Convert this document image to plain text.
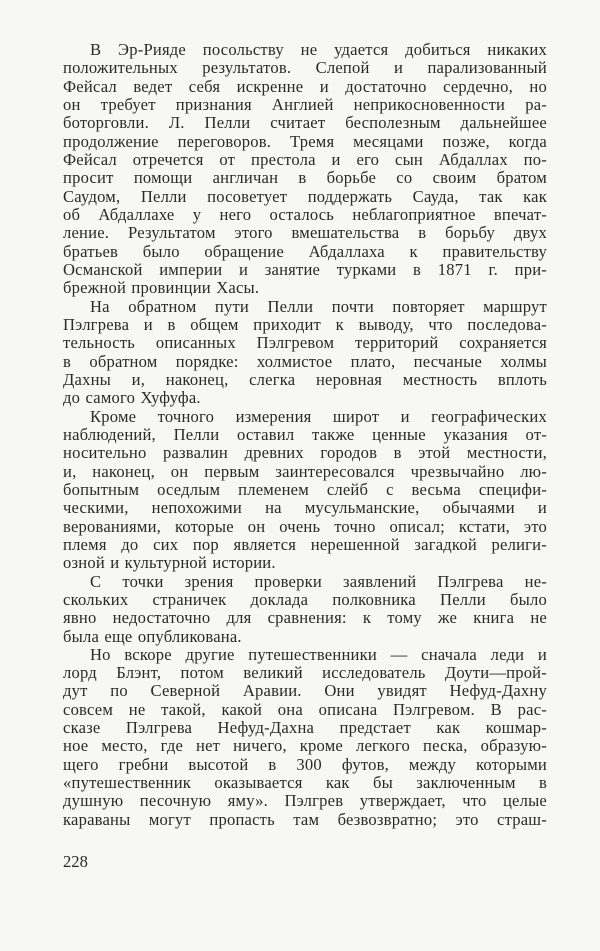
В Эр-Рияде посольству не удается добиться никаких
положительных результатов. Слепой и парализованный
Фейсал ведет себя искренне и достаточно сердечно, но
он требует признания Англией неприкосновенности ра-
боторговли. Л. Пелли считает бесполезным дальнейшее
продолжение переговоров. Тремя месяцами позже, когда
Фейсал отречется от престола и его сын Абдаллах по-
просит помощи англичан в борьбе со своим братом
Саудом, Пелли посоветует поддержать Сауда, так как
об Абдаллахе у него осталось неблагоприятное впечат-
ление. Результатом этого вмешательства в борьбу двух
братьев было обращение Абдаллаха к правительству
Османской империи и занятие турками в 1871 г. при-
брежной провинции Хасы.
На обратном пути Пелли почти повторяет маршрут
Пэлгрева и в общем приходит к выводу, что последова-
тельность описанных Пэлгревом территорий сохраняется
в обратном порядке: холмистое плато, песчаные холмы
Дахны и, наконец, слегка неровная местность вплоть
до самого Хуфуфа.
Кроме точного измерения широт и географических
наблюдений, Пелли оставил также ценные указания от-
носительно развалин древних городов в этой местности,
и, наконец, он первым заинтересовался чрезвычайно лю-
бопытным оседлым племенем слейб с весьма специфи-
ческими, непохожими на мусульманские, обычаями и
верованиями, которые он очень точно описал; кстати, это
племя до сих пор является нерешенной загадкой религи-
озной и культурной истории.
С точки зрения проверки заявлений Пэлгрева не-
скольких страничек доклада полковника Пелли было
явно недостаточно для сравнения: к тому же книга не
была еще опубликована.
Но вскоре другие путешественники — сначала леди и
лорд Блэнт, потом великий исследователь Доути—прой-
дут по Северной Аравии. Они увидят Нефуд-Дахну
совсем не такой, какой она описана Пэлгревом. В рас-
сказе Пэлгрева Нефуд-Дахна предстает как кошмар-
ное место, где нет ничего, кроме легкого песка, образую-
щего гребни высотой в 300 футов, между которыми
«путешественник оказывается как бы заключенным в
душную песочную яму». Пэлгрев утверждает, что целые
караваны могут пропасть там безвозвратно; это страш-
228
